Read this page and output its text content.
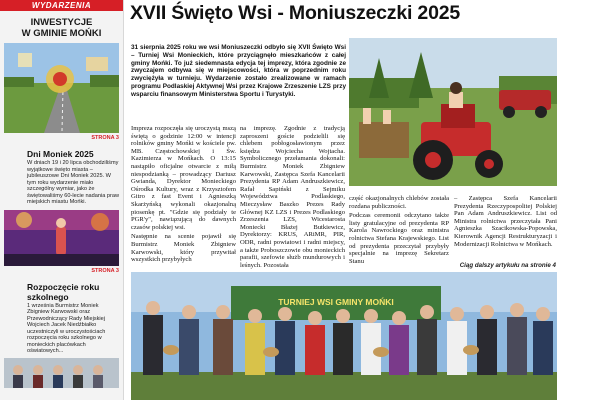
WYDARZENIA
INWESTYCJE
W GMINIE MOŃKI
STRONA 3
Dni Moniek 2025
W dniach 19 i 20 lipca obchodziliśmy wyjątkowe święto miasta – jubileuszowe Dni Moniek 2025. W tym roku wydarzenie miało szczególny wymiar, jako że świętowaliśmy 60-lecie nadania praw miejskich miastu Mońki.
STRONA 3
Rozpoczęcie roku szkolnego
1 września Burmistrz Moniek Zbigniew Karwowski oraz Przewodniczący Rady Miejskiej Wojciech Jacek Niedźbiałko uczestniczyli w uroczystościach rozpoczęcia roku szkolnego w monieckich placówkach oświatowych...
XVII Święto Wsi - Moniuszeczki 2025
31 sierpnia 2025 roku we wsi Moniuszeczki odbyło się XVII Święto Wsi – Turniej Wsi Monieckich, które przyciągnęło mieszkańców z całej gminy Mońki. To już siedemnasta edycja tej imprezy, która zgodnie ze zwyczajem odbywa się w miejscowości, która w poprzednim roku zwyciężyła w turnieju. Wydarzenie zostało zrealizowane w ramach programu Podlaskiej Aktywnej Wsi przez Krajowe Zrzeszenie LZS przy wsparciu finansowym Ministerstwa Sportu i Turystyki.

Impreza rozpoczęła się uroczystą mszą świętą o godzinie 12:00 w intencji rolników gminy Mońki w kościele pw. MB. Częstochowskiej i Św. Kazimierza w Mońkach. O 13:15 nastąpiło oficjalne otwarcie z miłą niespodzianką – prowadzący Dariusz Gwianda, Dyrektor Monieckiego Ośrodka Kultury, wraz z Krzysztofem Gitro z fast Event i Agnieszką Skarżyńską wykonali okazjonalną piosenkę pt. "Gdzie się podziały te PGR'y", nawiązującą do dawnych czasów polskiej wsi.

Następnie na scenie pojawił się Burmistrz Moniek Zbigniew Karwowski, który przywitał wszystkich przybyłych

na imprezę. Zgodnie z tradycją zaproszeni goście podzielili się chlebem pobłogosławionym przez księdza Wojciecha Wojtacha. Symbolicznego przełamania dokonali: Burmistrz Moniek Zbigniew Karwowski, Zastępca Szefa Kancelarii Prezydenta RP Adam Andruszkiewicz, Rafał Sapiński z Sejmiku Województwa Podlaskiego, Mieczysław Baszko Prezes Rady Głównej KZ LZS i Prezes Podlaskiego Zrzeszenia LZS, Wicestarosta Moniecki Błażej Butkiewicz, Dyrektorzy: KRUS, ARiMR, PIR, ODR, radni powiatowi i radni miejscy, a także Proboszczowie obu monieckich parafii, szefowie służb mundurowych i leśnych. Pozostała

część okazjonalnych chlebów została rozdana publiczności.

Podczas ceremonii odczytano także listy gratulacyjne od prezydenta RP Karola Nawrockiego oraz ministra rolnictwa Stefana Krajewskiego. List od prezydenta przeczytał przybyły specjalnie na imprezę Sekretarz Stanu

– Zastępca Szefa Kancelarii Prezydenta Rzeczypospolitej Polskiej Pan Adam Andruszkiewicz. List od Ministra rolnictwa przeczytała Pani Agnieszka Szacikowska-Popowska, Kierownik Agencji Restrukturyzacji i Modernizacji Rolnictwa w Mońkach.

Ciąg dalszy artykułu na stronie 4
TURNIEJ WSI GMINY MOŃKI
